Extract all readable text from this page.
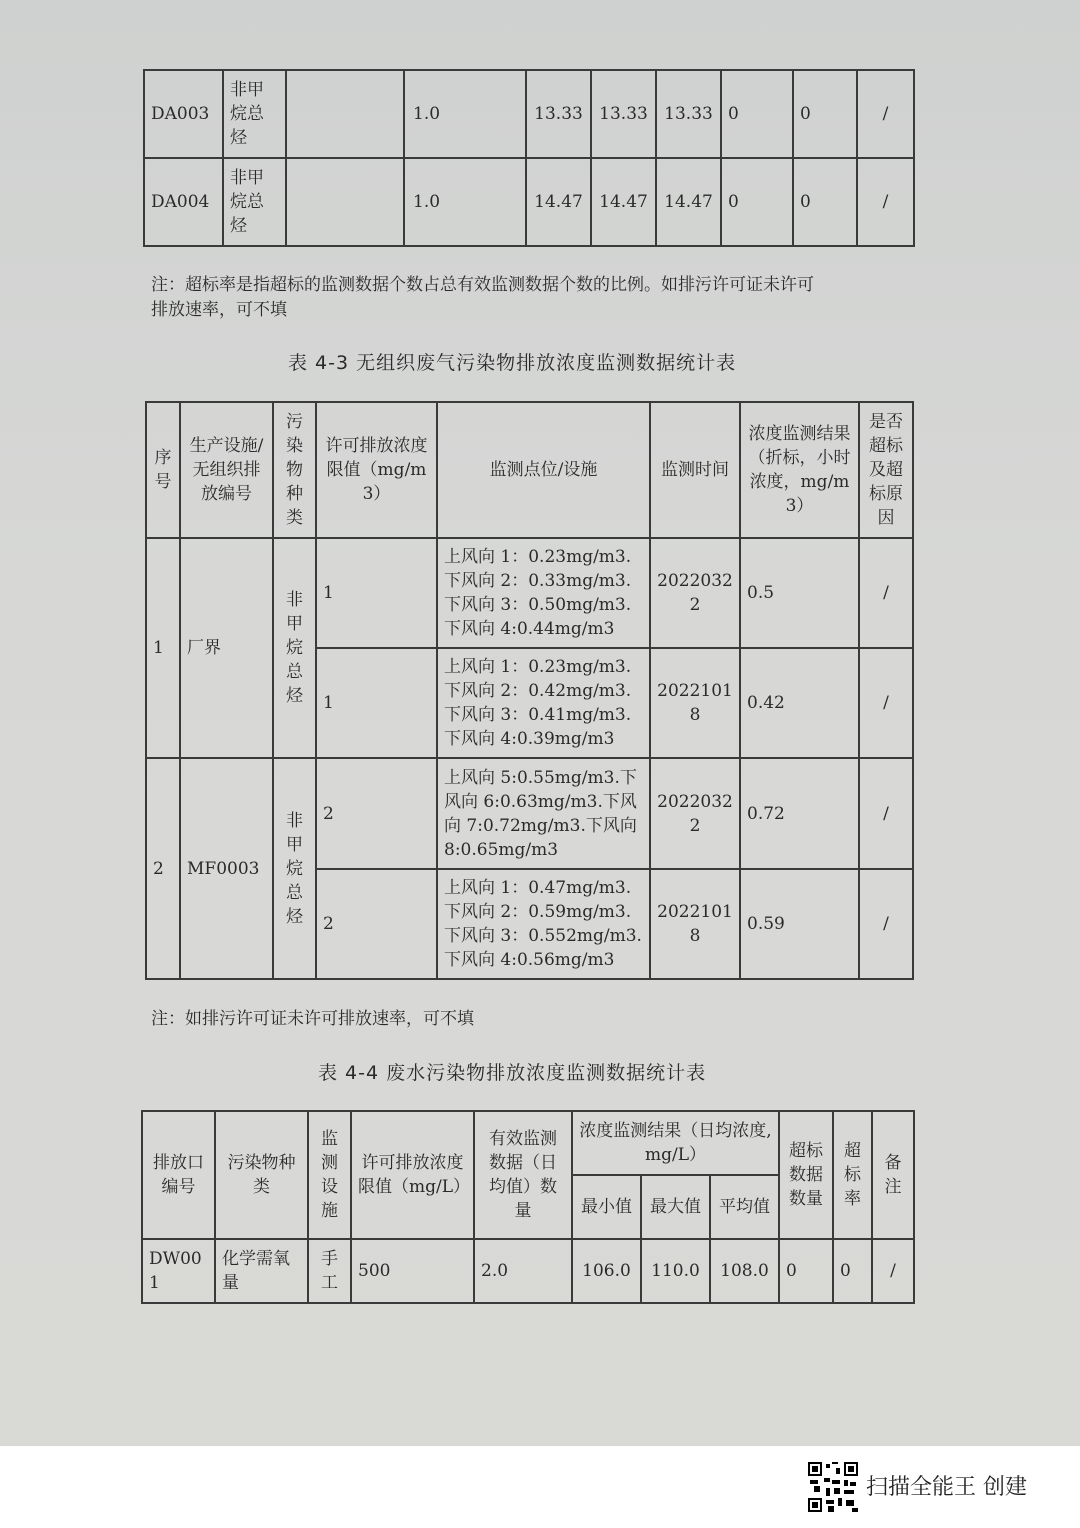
DA003	非甲烷总烃		1.0	13.33	13.33	13.33	0	0	/
DA004	非甲烷总烃		1.0	14.47	14.47	14.47	0	0	/
注：超标率是指超标的监测数据个数占总有效监测数据个数的比例。如排污许可证未许可
排放速率，可不填
表 4-3 无组织废气污染物排放浓度监测数据统计表
序号	生产设施/无组织排放编号	污染物种类	许可排放浓度限值（mg/m3）	监测点位/设施	监测时间	浓度监测结果（折标，小时浓度，mg/m3）	是否超标及超标原因
1	厂界	非甲烷总烃	1	上风向 1：0.23mg/m3.下风向 2：0.33mg/m3.下风向 3：0.50mg/m3.下风向 4:0.44mg/m3	20220322	0.5	/
			1	上风向 1：0.23mg/m3.下风向 2：0.42mg/m3.下风向 3：0.41mg/m3.下风向 4:0.39mg/m3	20221018	0.42	/
2	MF0003	非甲烷总烃	2	上风向 5:0.55mg/m3.下风向 6:0.63mg/m3.下风向 7:0.72mg/m3.下风向 8:0.65mg/m3	20220322	0.72	/
			2	上风向 1：0.47mg/m3.下风向 2：0.59mg/m3.下风向 3：0.552mg/m3.下风向 4:0.56mg/m3	20221018	0.59	/
注：如排污许可证未许可排放速率，可不填
表 4-4 废水污染物排放浓度监测数据统计表
排放口编号	污染物种类	监测设施	许可排放浓度限值（mg/L）	有效监测数据（日均值）数量	浓度监测结果（日均浓度,mg/L）			超标数据数量	超标率	备注
					最小值	最大值	平均值			
DW001	化学需氧量	手工	500	2.0	106.0	110.0	108.0	0	0	/
扫描全能王 创建
